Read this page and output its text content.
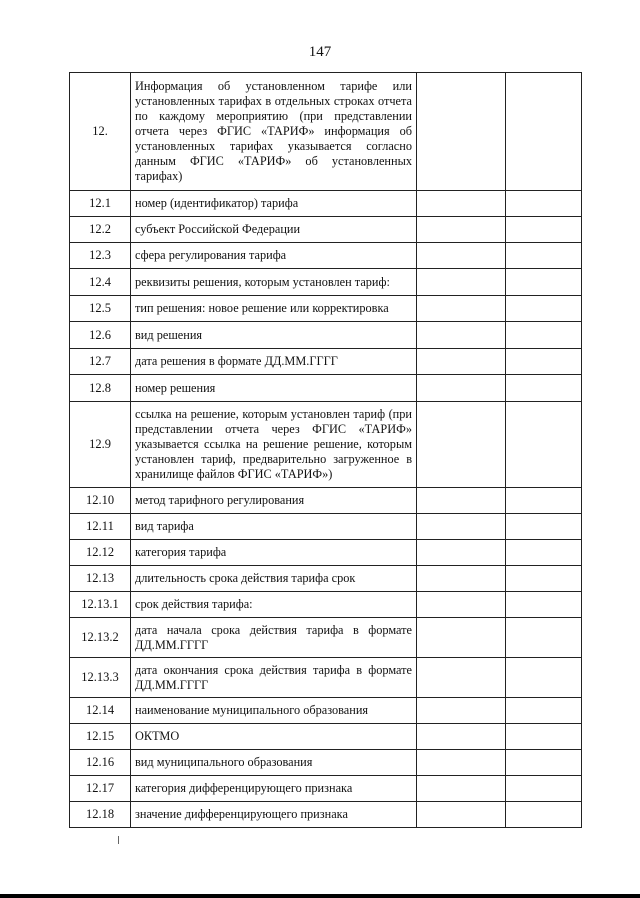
147
12.	Информация об установленном тарифе или установленных тарифах в отдельных строках отчета по каждому мероприятию (при представлении отчета через ФГИС «ТАРИФ» информация об установленных тарифах указывается согласно данным ФГИС «ТАРИФ» об установленных тарифах)		
12.1	номер (идентификатор) тарифа		
12.2	субъект Российской Федерации		
12.3	сфера регулирования тарифа		
12.4	реквизиты решения, которым установлен тариф:		
12.5	тип решения: новое решение или корректировка		
12.6	вид решения		
12.7	дата решения в формате ДД.ММ.ГГГГ		
12.8	номер решения		
12.9	ссылка на решение, которым установлен тариф (при представлении отчета через ФГИС «ТАРИФ» указывается ссылка на решение решение, которым установлен тариф, предварительно загруженное в хранилище файлов ФГИС «ТАРИФ»)		
12.10	метод тарифного регулирования		
12.11	вид тарифа		
12.12	категория тарифа		
12.13	длительность срока действия тарифа срок		
12.13.1	срок действия тарифа:		
12.13.2	дата начала срока действия тарифа в формате ДД.ММ.ГГГГ		
12.13.3	дата окончания срока действия тарифа в формате ДД.ММ.ГГГГ		
12.14	наименование муниципального образования		
12.15	ОКТМО		
12.16	вид муниципального образования		
12.17	категория дифференцирующего признака		
12.18	значение дифференцирующего признака		
